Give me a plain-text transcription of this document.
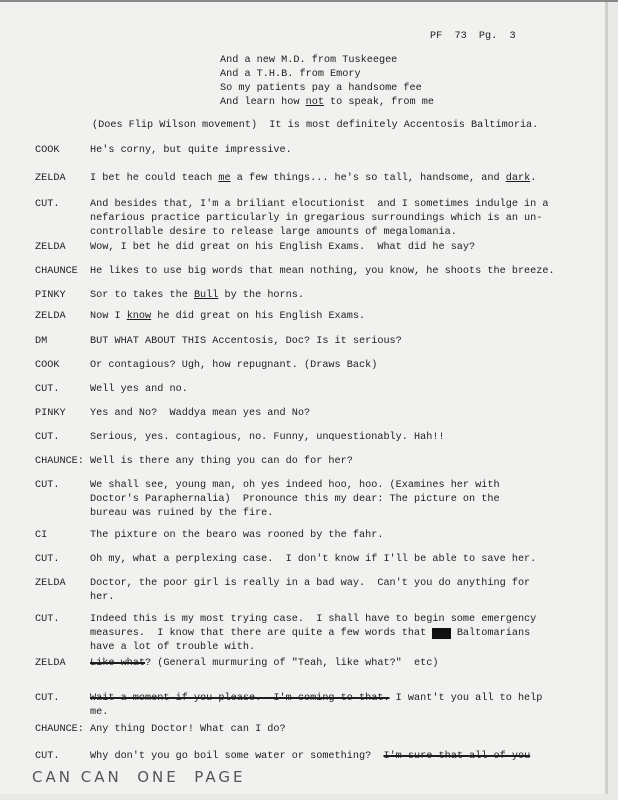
PF  73  Pg.  3
And a new M.D. from Tuskeegee
And a T.H.B. from Emory
So my patients pay a handsome fee
And learn how not to speak, from me
(Does Flip Wilson movement)  It is most definitely Accentosis Baltimoria.
COOK	He's corny, but quite impressive.
ZELDA I bet he could teach me a few things... he's so tall, handsome, and dark.
CUT.	And besides that, I'm a briliant elocutionist  and I sometimes indulge in a
nefarious practice particularly in gregarious surroundings which is an un-
controllable desire to release large amounts of megalomania.
ZELDA Wow, I bet he did great on his English Exams.  What did he say?
CHAUNCE He likes to use big words that mean nothing, you know, he shoots the breeze.
PINKY Sor to takes the Bull by the horns.
ZELDA Now I know he did great on his English Exams.
DM	BUT WHAT ABOUT THIS Accentosis, Doc? Is it serious?
COOK	Or contagious? Ugh, how repugnant. (Draws Back)
CUT.	Well yes and no.
PINKY Yes and No?  Waddya mean yes and No?
CUT.	Serious, yes. contagious, no. Funny, unquestionably. Hah!!
CHAUNCE: Well is there any thing you can do for her?
CUT.	We shall see, young man, oh yes indeed hoo, hoo. (Examines her with
Doctor's Paraphernalia)  Pronounce this my dear: The picture on the
bureau was ruined by the fire.
CI	The pixture on the bearo was rooned by the fahr.
CUT.	Oh my, what a perplexing case.  I don't know if I'll be able to save her.
ZELDA Doctor, the poor girl is really in a bad way.  Can't you do anything for
her.
CUT.	Indeed this is my most trying case.  I shall have to begin some emergency
measures.  I know that there are quite a few words that our Baltomarians
have a lot of trouble with.
ZELDA Like what? (General murmuring of "Teah, like what?"  etc)
CUT.	Wait a moment if you please.  I'm coming to that. I want't you all to help
me.
CHAUNCE: Any thing Doctor! What can I do?
CUT.	Why don't you go boil some water or something?  I'm sure that all of you
CAN CAN  ONE  PAGE
